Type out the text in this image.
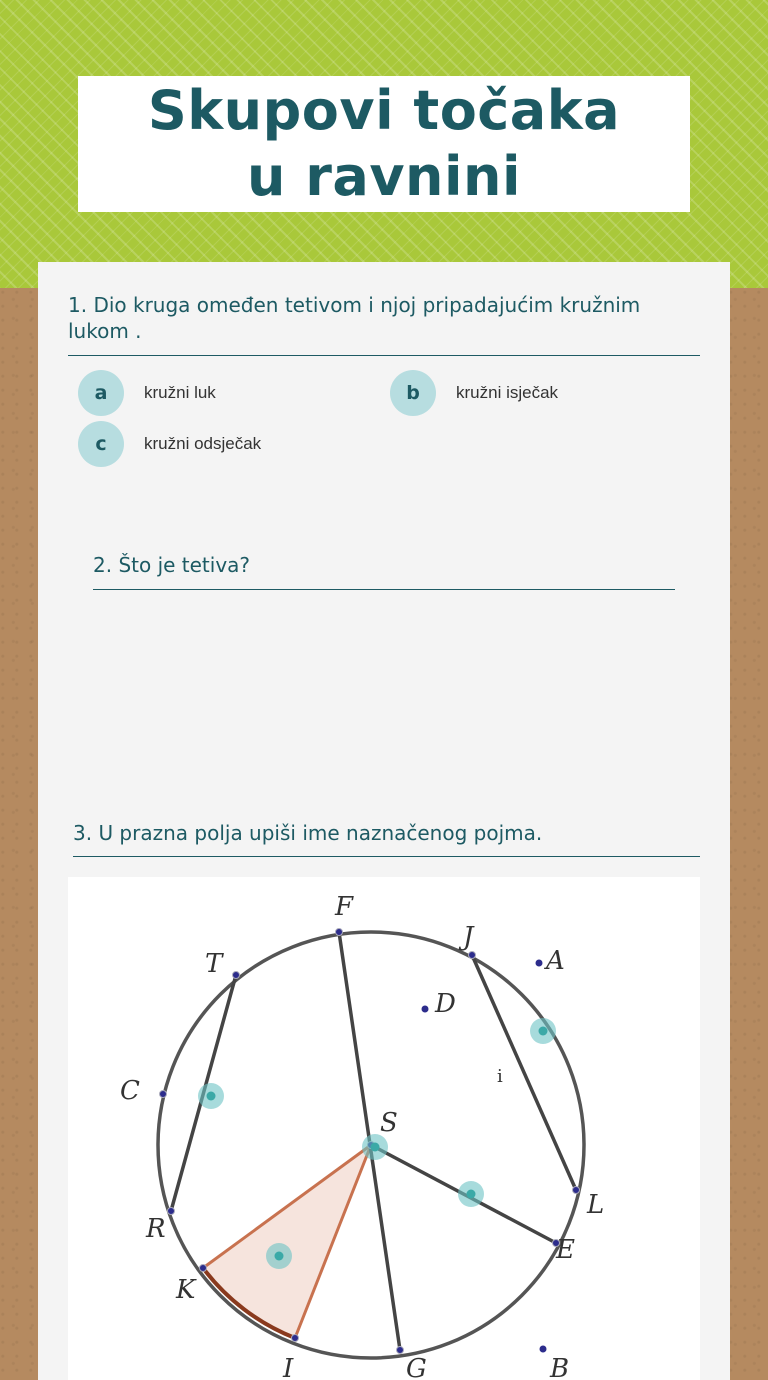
Skupovi točaka u ravnini
1. Dio kruga omeđen tetivom i njoj pripadajućim kružnim lukom .
a	kružni luk	b	kružni isječak
c	kružni odsječak
2. Što je tetiva?
3. U prazna polja upiši ime naznačenog pojma.
F
J
A
T
D
C	i
S
L
R
E
K
I	G	B
